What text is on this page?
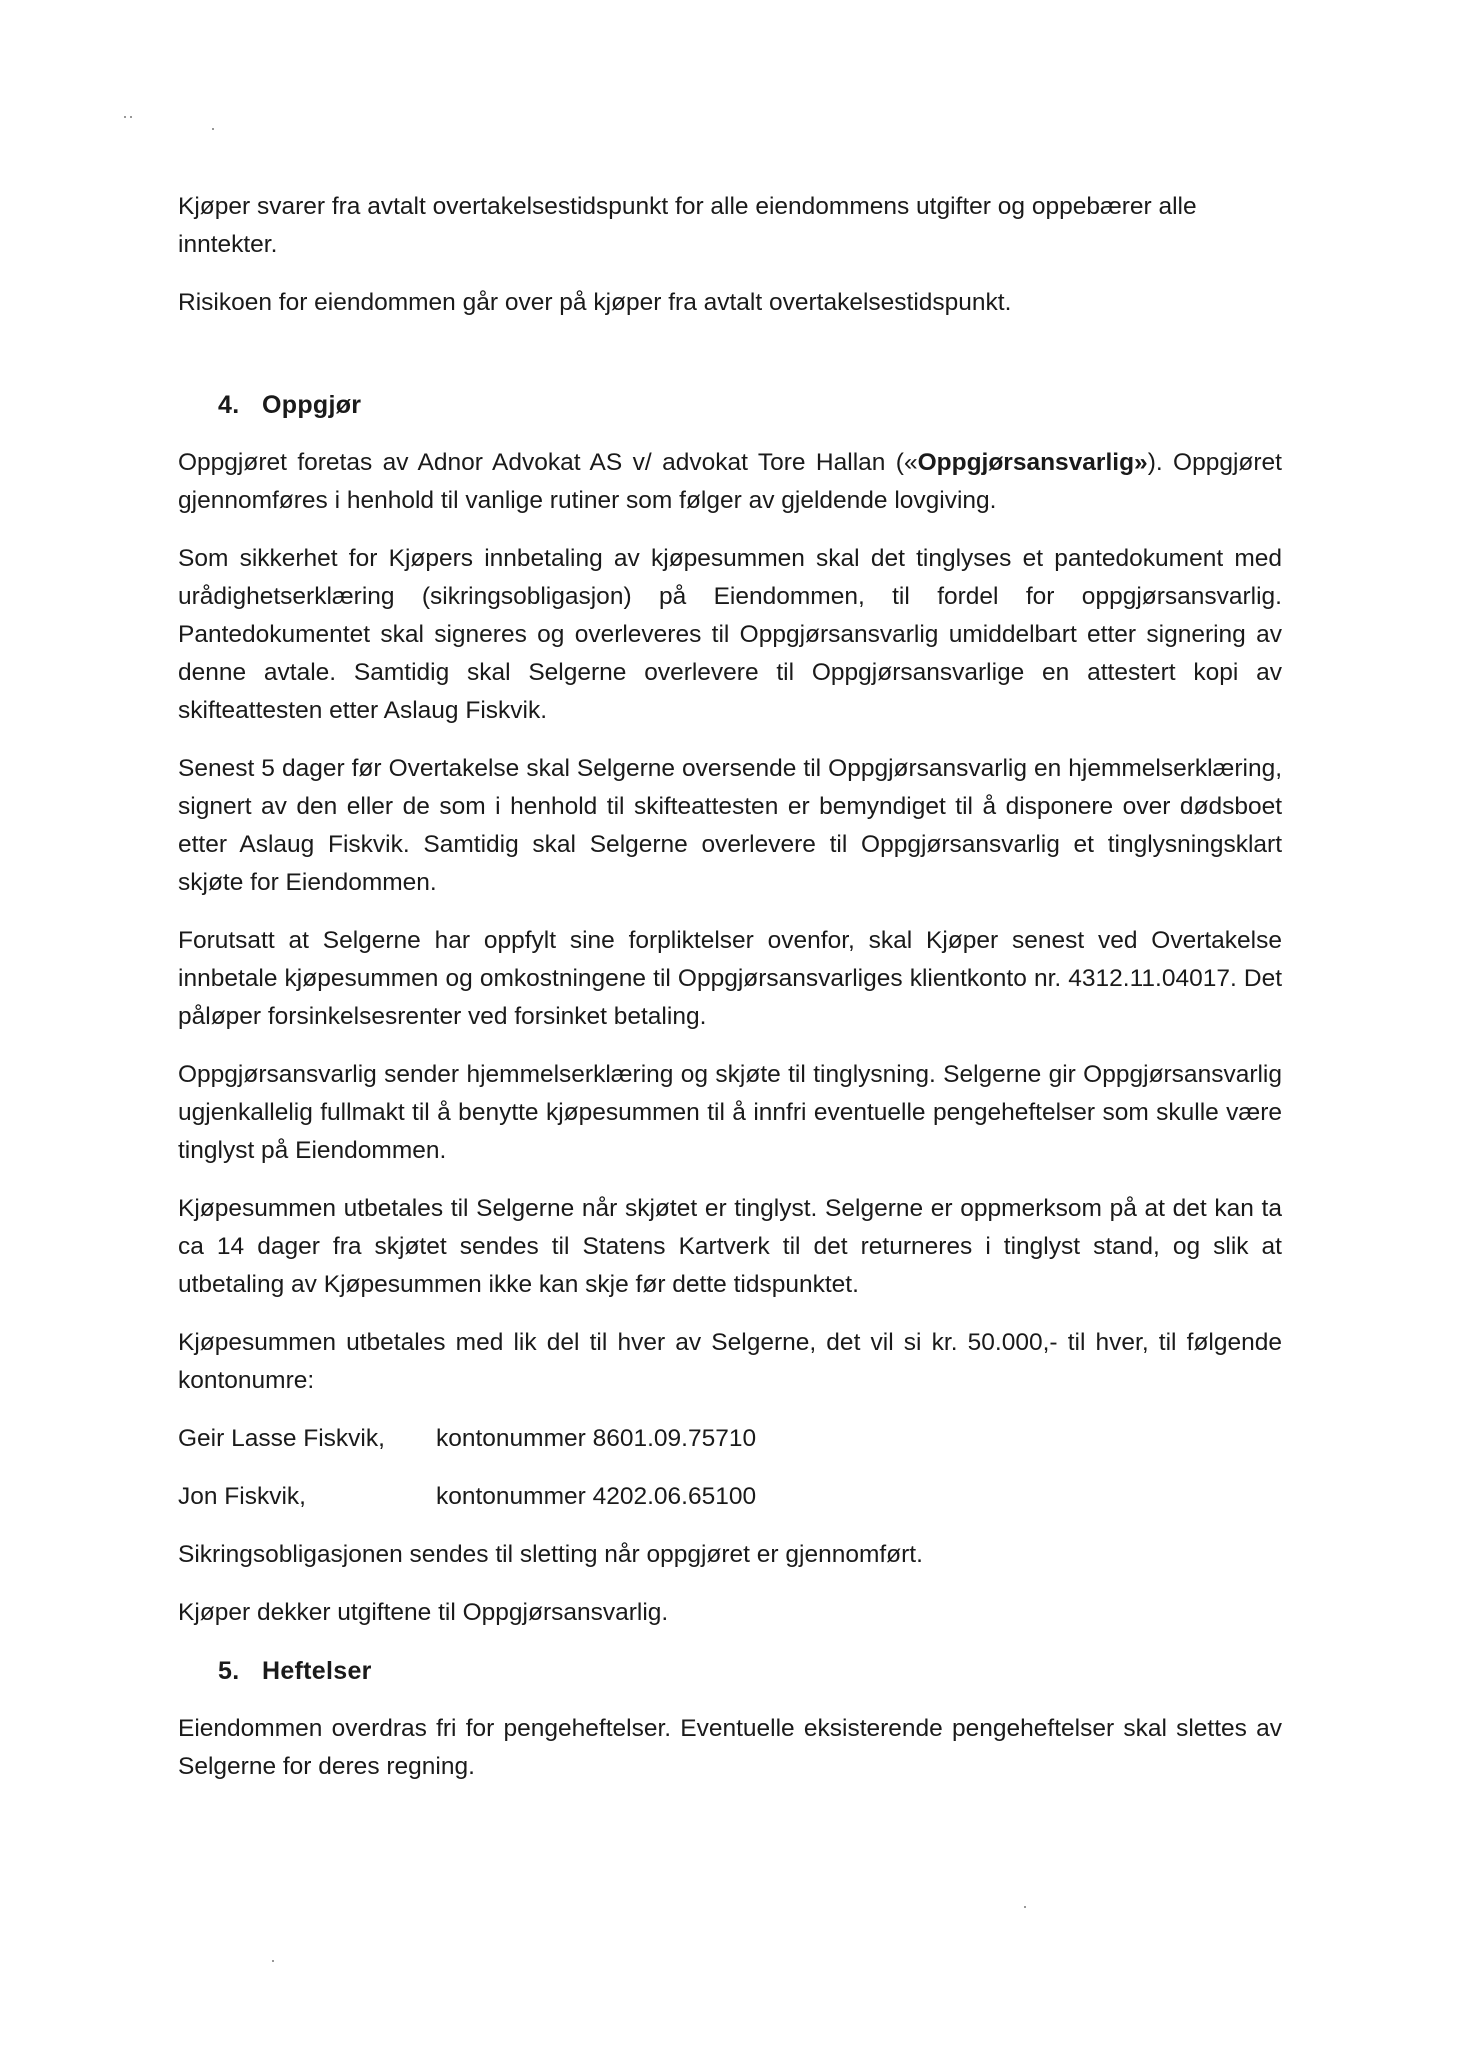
Kjøper svarer fra avtalt overtakelsestidspunkt for alle eiendommens utgifter og oppebærer alle inntekter.

Risikoen for eiendommen går over på kjøper fra avtalt overtakelsestidspunkt.

4. Oppgjør

Oppgjøret foretas av Adnor Advokat AS v/ advokat Tore Hallan («Oppgjørsansvarlig»). Oppgjøret gjennomføres i henhold til vanlige rutiner som følger av gjeldende lovgiving.

Som sikkerhet for Kjøpers innbetaling av kjøpesummen skal det tinglyses et pantedokument med urådighetserklæring (sikringsobligasjon) på Eiendommen, til fordel for oppgjørsansvarlig. Pantedokumentet skal signeres og overleveres til Oppgjørsansvarlig umiddelbart etter signering av denne avtale. Samtidig skal Selgerne overlevere til Oppgjørsansvarlige en attestert kopi av skifteattesten etter Aslaug Fiskvik.

Senest 5 dager før Overtakelse skal Selgerne oversende til Oppgjørsansvarlig en hjemmelserklæring, signert av den eller de som i henhold til skifteattesten er bemyndiget til å disponere over dødsboet etter Aslaug Fiskvik. Samtidig skal Selgerne overlevere til Oppgjørsansvarlig et tinglysningsklart skjøte for Eiendommen.

Forutsatt at Selgerne har oppfylt sine forpliktelser ovenfor, skal Kjøper senest ved Overtakelse innbetale kjøpesummen og omkostningene til Oppgjørsansvarliges klientkonto nr. 4312.11.04017. Det påløper forsinkelsesrenter ved forsinket betaling.

Oppgjørsansvarlig sender hjemmelserklæring og skjøte til tinglysning. Selgerne gir Oppgjørsansvarlig ugjenkallelig fullmakt til å benytte kjøpesummen til å innfri eventuelle pengeheftelser som skulle være tinglyst på Eiendommen.

Kjøpesummen utbetales til Selgerne når skjøtet er tinglyst. Selgerne er oppmerksom på at det kan ta ca 14 dager fra skjøtet sendes til Statens Kartverk til det returneres i tinglyst stand, og slik at utbetaling av Kjøpesummen ikke kan skje før dette tidspunktet.

Kjøpesummen utbetales med lik del til hver av Selgerne, det vil si kr. 50.000,- til hver, til følgende kontonumre:

Geir Lasse Fiskvik,	kontonummer 8601.09.75710
Jon Fiskvik,	kontonummer 4202.06.65100

Sikringsobligasjonen sendes til sletting når oppgjøret er gjennomført.

Kjøper dekker utgiftene til Oppgjørsansvarlig.

5. Heftelser

Eiendommen overdras fri for pengeheftelser. Eventuelle eksisterende pengeheftelser skal slettes av Selgerne for deres regning.
